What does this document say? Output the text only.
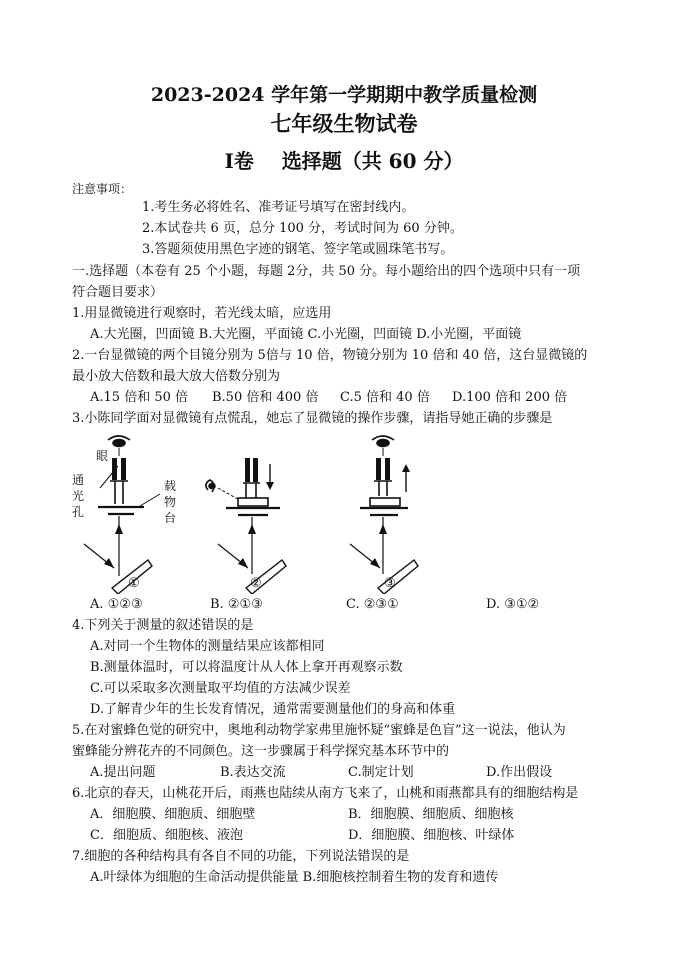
2023-2024 学年第一学期期中教学质量检测
七年级生物试卷
Ⅰ卷    选择题（共 60 分）
注意事项：
1.考生务必将姓名、准考证号填写在密封线内。
2.本试卷共 6 页，总分 100 分，考试时间为 60 分钟。
3.答题须使用黑色字迹的钢笔、签字笔或圆珠笔书写。
一.选择题（本卷有 25 个小题，每题 2分，共 50 分。每小题给出的四个选项中只有一项
符合题目要求）
1.用显微镜进行观察时，若光线太暗，应选用
A.大光圈，凹面镜 B.大光圈，平面镜 C.小光圈，凹面镜 D.小光圈，平面镜
2.一台显微镜的两个目镜分别为 5倍与 10 倍，物镜分别为 10 倍和 40 倍，这台显微镜的
最小放大倍数和最大放大倍数分别为
A.15 倍和 50 倍 B.50 倍和 400 倍 C.5 倍和 40 倍 D.100 倍和 200 倍
3.小陈同学面对显微镜有点慌乱，她忘了显微镜的操作步骤，请指导她正确的步骤是
眼
通
光
孔
载
物
台
①	②	③
A. ①②③	B. ②①③	C. ②③①	D. ③①②
4.下列关于测量的叙述错误的是
A.对同一个生物体的测量结果应该都相同
B.测量体温时，可以将温度计从人体上拿开再观察示数
C.可以采取多次测量取平均值的方法减少误差
D.了解青少年的生长发育情况，通常需要测量他们的身高和体重
5.在对蜜蜂色觉的研究中，奥地利动物学家弗里施怀疑“蜜蜂是色盲”这一说法，他认为
蜜蜂能分辨花卉的不同颜色。这一步骤属于科学探究基本环节中的
A.提出问题	B.表达交流	C.制定计划	D.作出假设
6.北京的春天，山桃花开后，雨燕也陆续从南方飞来了，山桃和雨燕都具有的细胞结构是
A．细胞膜、细胞质、细胞壁	B．细胞膜、细胞质、细胞核
C．细胞质、细胞核、液泡	D．细胞膜、细胞核、叶绿体
7.细胞的各种结构具有各自不同的功能，下列说法错误的是
A.叶绿体为细胞的生命活动提供能量 B.细胞核控制着生物的发育和遗传
